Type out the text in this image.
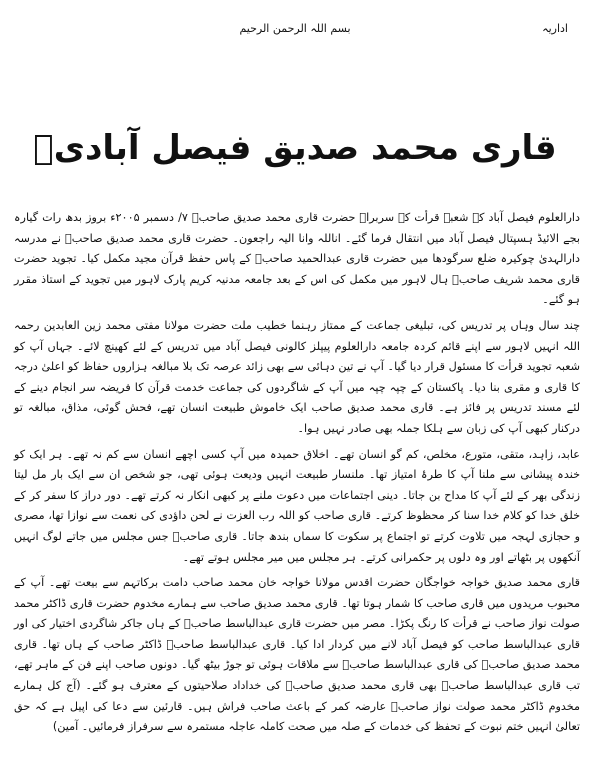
اداریہ
بسم اللہ الرحمن الرحیم
قاری محمد صدیق فیصل آبادیؒ

دارالعلوم فیصل آباد کے شعبہ قرأت کے سربراہ حضرت قاری محمد صدیق صاحبؒ ۷/ دسمبر ۲۰۰۵ء بروز بدھ رات گیارہ بجے الائیڈ ہسپتال فیصل آباد میں انتقال فرما گئے۔ اناللہ وانا الیہ راجعون۔ حضرت قاری محمد صدیق صاحبؒ نے مدرسہ دارالہدیٰ چوکیرہ ضلع سرگودھا میں حضرت قاری عبدالحمید صاحبؒ کے پاس حفظ قرآن مجید مکمل کیا۔ تجوید حضرت قاری محمد شریف صاحبؒ ہال لاہور میں مکمل کی اس کے بعد جامعہ مدنیہ کریم پارک لاہور میں تجوید کے استاذ مقرر ہو گئے۔

چند سال وہاں پر تدریس کی، تبلیغی جماعت کے ممتاز رہنما خطیب ملت حضرت مولانا مفتی محمد زین العابدین رحمہ اللہ انہیں لاہور سے اپنے قائم کردہ جامعہ دارالعلوم پیپلز کالونی فیصل آباد میں تدریس کے لئے کھینچ لائے۔ جہاں آپ کو شعبہ تجوید قرأت کا مسئول قرار دیا گیا۔ آپ نے تین دہائی سے بھی زائد عرصہ تک بلا مبالغہ ہزاروں حفاظ کو اعلیٰ درجہ کا قاری و مقری بنا دیا۔ پاکستان کے چپہ چپہ میں آپ کے شاگردوں کی جماعت خدمت قرآن کا فریضہ سر انجام دینے کے لئے مسند تدریس پر فائز ہے۔ قاری محمد صدیق صاحب ایک خاموش طبیعت انسان تھے، فحش گوئی، مذاق، مبالغہ تو درکنار کبھی آپ کی زبان سے ہلکا جملہ بھی صادر نہیں ہوا۔

عابد، زاہد، متقی، متورع، مخلص، کم گو انسان تھے۔ اخلاق حمیدہ میں آپ کسی اچھے انسان سے کم نہ تھے۔ ہر ایک کو خندہ پیشانی سے ملنا آپ کا طرۂ امتیاز تھا۔ ملنسار طبیعت انہیں ودیعت ہوئی تھی، جو شخص ان سے ایک بار مل لیتا زندگی بھر کے لئے آپ کا مداح بن جاتا۔ دینی اجتماعات میں دعوت ملنے پر کبھی انکار نہ کرتے تھے۔ دور دراز کا سفر کر کے خلق خدا کو کلام خدا سنا کر محظوظ کرتے۔ قاری صاحب کو اللہ رب العزت نے لحن داؤدی کی نعمت سے نوازا تھا، مصری و حجازی لہجہ میں تلاوت کرتے تو اجتماع پر سکوت کا سماں بندھ جاتا۔ قاری صاحبؒ جس مجلس میں جاتے لوگ انہیں آنکھوں پر بٹھاتے اور وہ دلوں پر حکمرانی کرتے۔ ہر مجلس میں میر مجلس ہوتے تھے۔

قاری محمد صدیق خواجہ خواجگان حضرت اقدس مولانا خواجہ خان محمد صاحب دامت برکاتہم سے بیعت تھے۔ آپ کے محبوب مریدوں میں قاری صاحب کا شمار ہوتا تھا۔ قاری محمد صدیق صاحب سے ہمارے مخدوم حضرت قاری ڈاکٹر محمد صولت نواز صاحب نے قرأت کا رنگ پکڑا۔ مصر میں حضرت قاری عبدالباسط صاحبؒ کے ہاں جاکر شاگردی اختیار کی اور قاری عبدالباسط صاحب کو فیصل آباد لانے میں کردار ادا کیا۔ قاری عبدالباسط صاحبؒ ڈاکٹر صاحب کے ہاں تھا۔ قاری محمد صدیق صاحبؒ کی قاری عبدالباسط صاحبؒ سے ملاقات ہوئی تو جوڑ بیٹھ گیا۔ دونوں صاحب اپنے فن کے ماہر تھے، تب قاری عبدالباسط صاحبؒ بھی قاری محمد صدیق صاحبؒ کی خداداد صلاحیتوں کے معترف ہو گئے۔ (آج کل ہمارے مخدوم ڈاکٹر محمد صولت نواز صاحبؒ عارضہ کمر کے باعث صاحب فراش ہیں۔ قارئین سے دعا کی اپیل ہے کہ حق تعالیٰ انہیں ختم نبوت کے تحفظ کی خدمات کے صلہ میں صحت کاملہ عاجلہ مستمرہ سے سرفراز فرمائیں۔ آمین)
